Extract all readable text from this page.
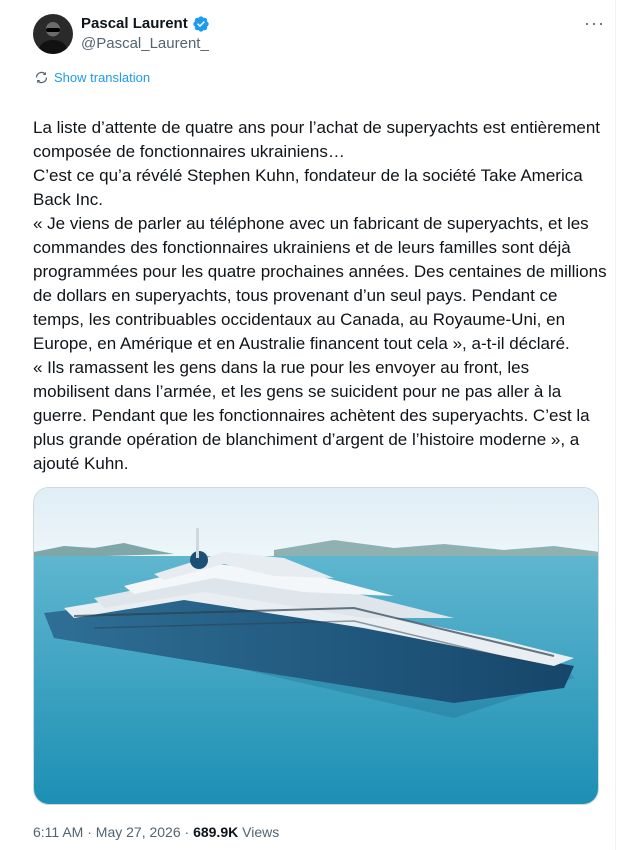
Pascal Laurent
@Pascal_Laurent_
···
Show translation

La liste d’attente de quatre ans pour l’achat de superyachts est entièrement composée de fonctionnaires ukrainiens…

C’est ce qu’a révélé Stephen Kuhn, fondateur de la société Take America Back Inc.

« Je viens de parler au téléphone avec un fabricant de superyachts, et les commandes des fonctionnaires ukrainiens et de leurs familles sont déjà programmées pour les quatre prochaines années. Des centaines de millions de dollars en superyachts, tous provenant d’un seul pays. Pendant ce temps, les contribuables occidentaux au Canada, au Royaume-Uni, en Europe, en Amérique et en Australie financent tout cela », a-t-il déclaré.

« Ils ramassent les gens dans la rue pour les envoyer au front, les mobilisent dans l’armée, et les gens se suicident pour ne pas aller à la guerre. Pendant que les fonctionnaires achètent des superyachts. C’est la plus grande opération de blanchiment d’argent de l’histoire moderne », a ajouté Kuhn.

6:11 AM · May 27, 2026 · 689.9K Views
